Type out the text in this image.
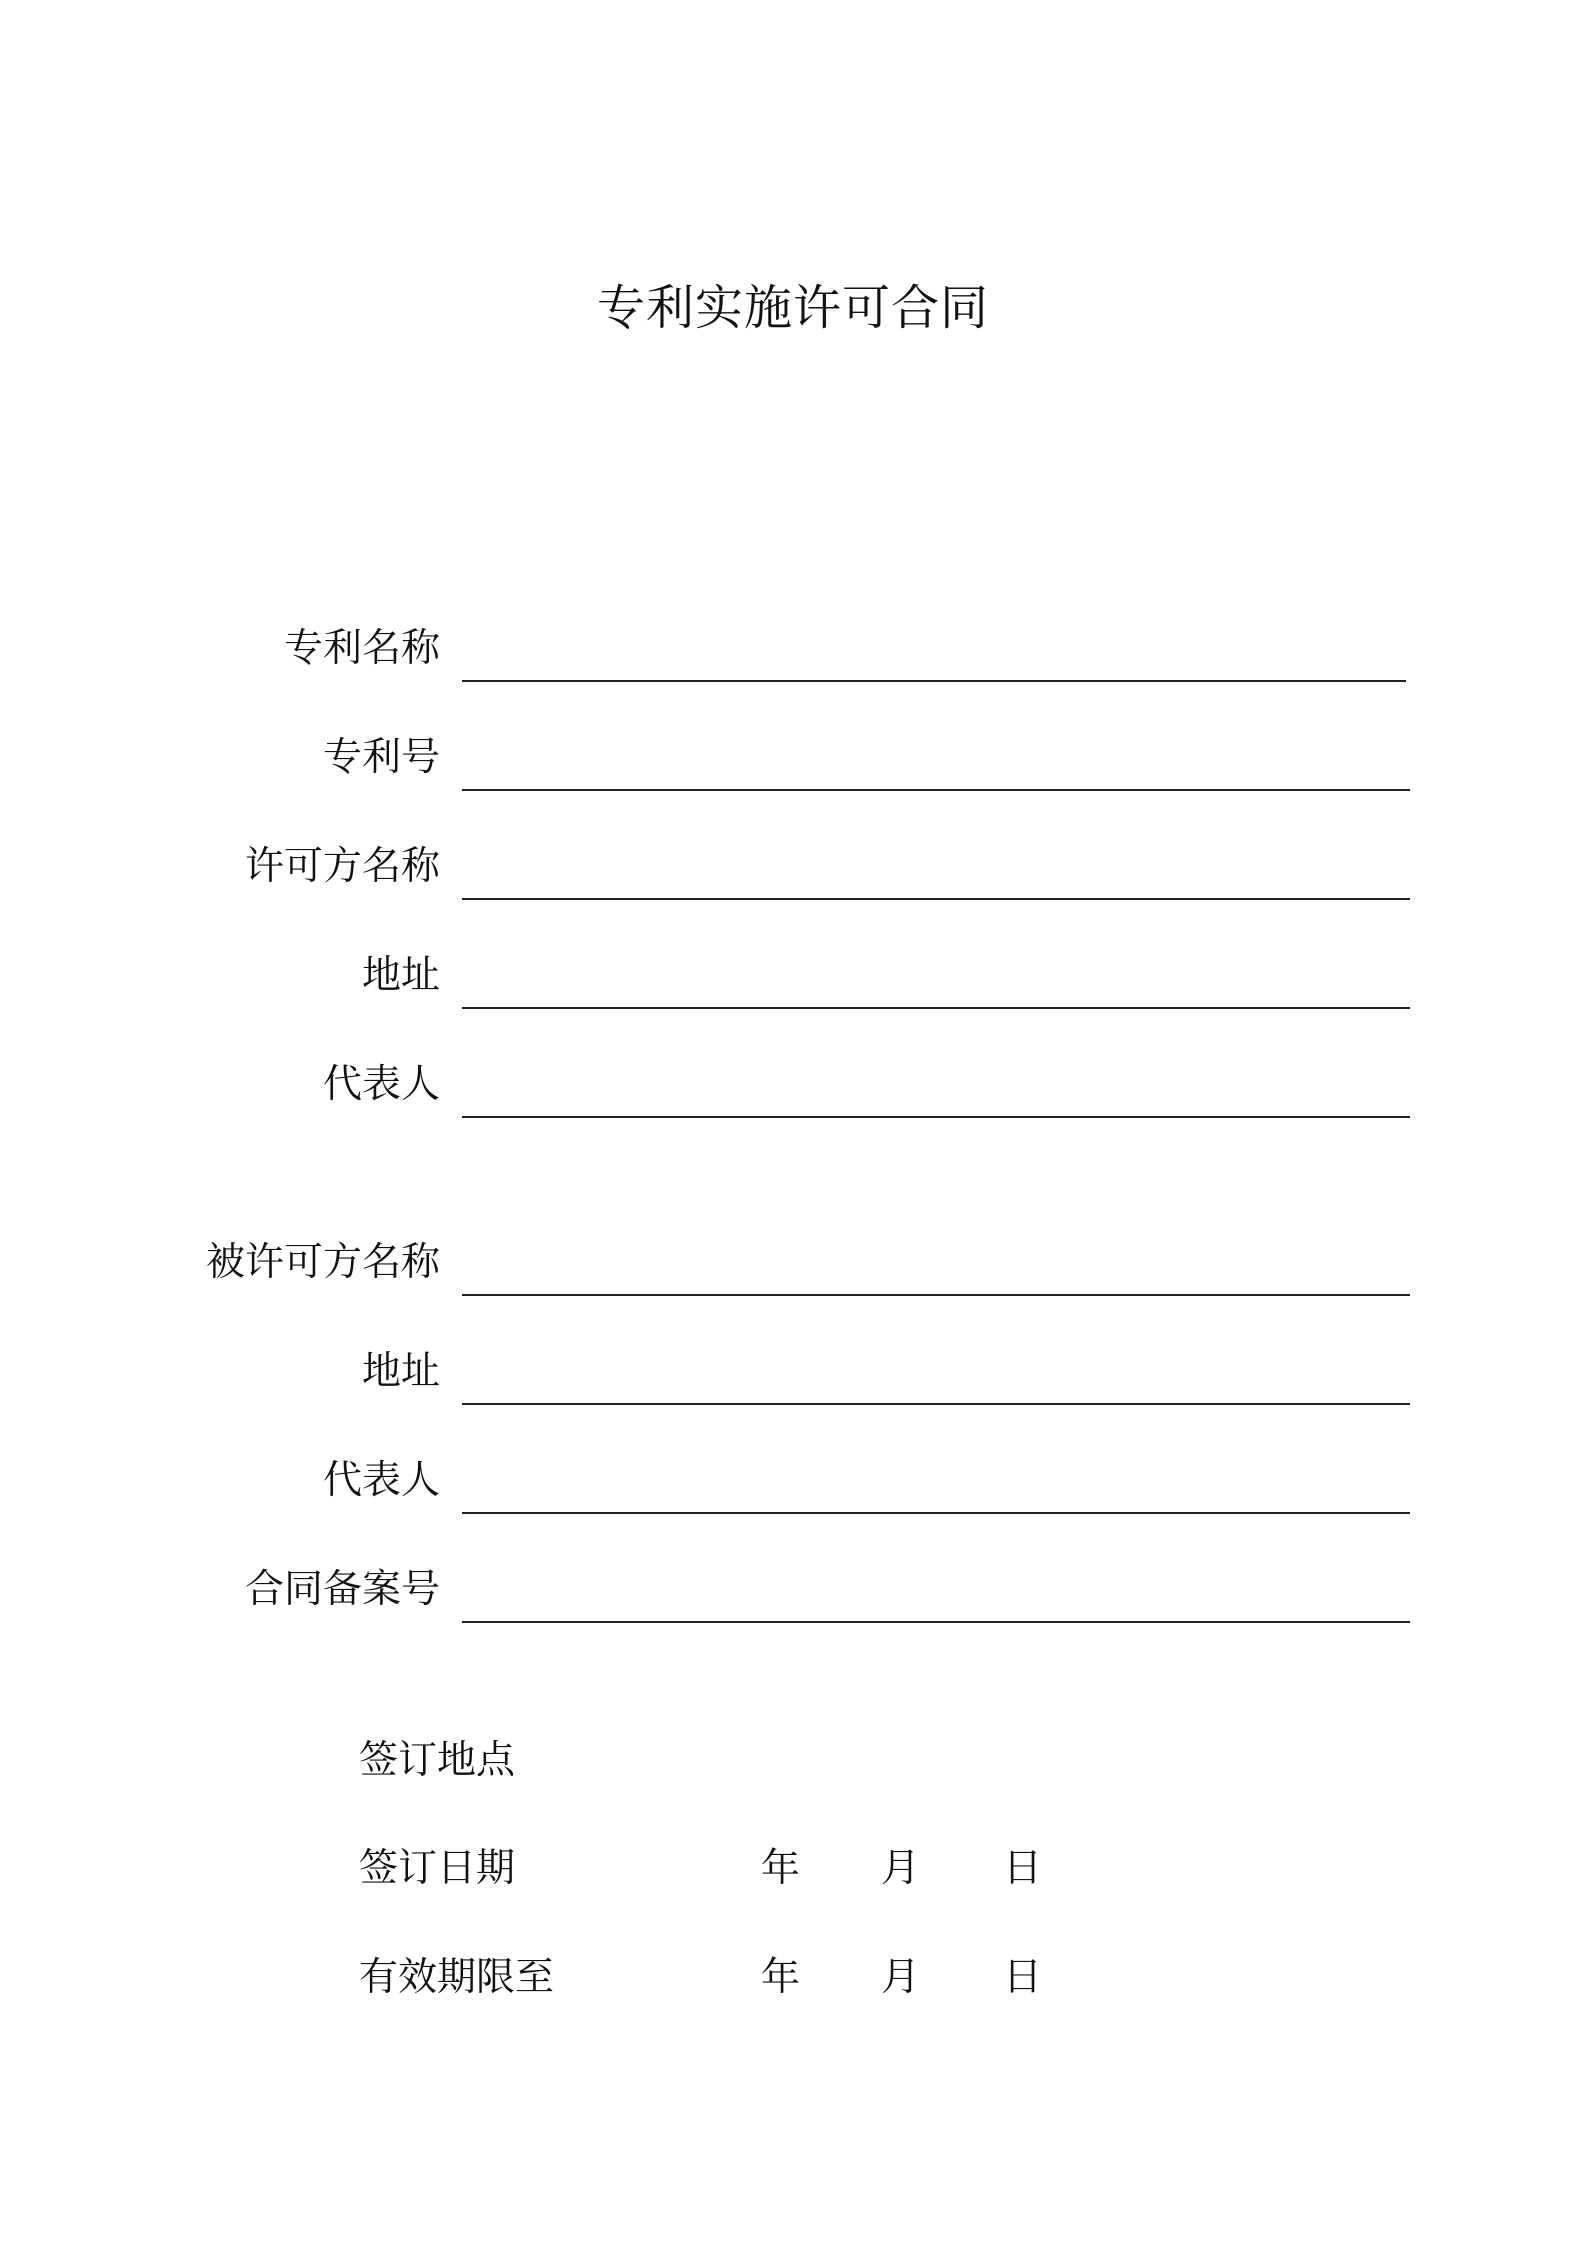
专利实施许可合同
专利名称
专利号
许可方名称
地址
代表人
被许可方名称
地址
代表人
合同备案号
签订地点
签订日期	年 月 日
有效期限至	年 月 日
